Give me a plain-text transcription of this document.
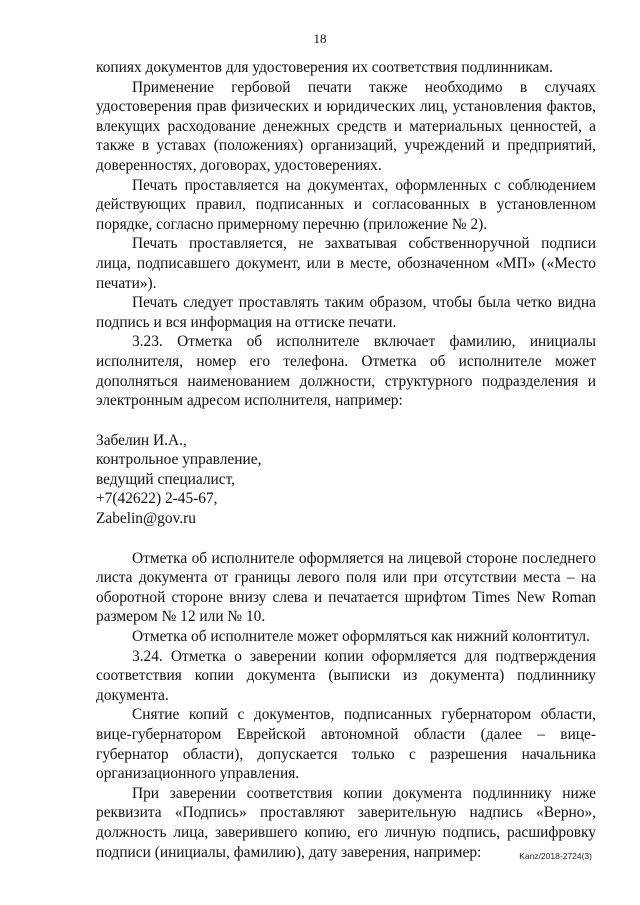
18

копиях документов для удостоверения их соответствия подлинникам.

Применение гербовой печати также необходимо в случаях удостоверения прав физических и юридических лиц, установления фактов, влекущих расходование денежных средств и материальных ценностей, а также в уставах (положениях) организаций, учреждений и предприятий, доверенностях, договорах, удостоверениях.

Печать проставляется на документах, оформленных с соблюдением действующих правил, подписанных и согласованных в установленном порядке, согласно примерному перечню (приложение № 2).

Печать проставляется, не захватывая собственноручной подписи лица, подписавшего документ, или в месте, обозначенном «МП» («Место печати»).

Печать следует проставлять таким образом, чтобы была четко видна подпись и вся информация на оттиске печати.

3.23. Отметка об исполнителе включает фамилию, инициалы исполнителя, номер его телефона. Отметка об исполнителе может дополняться наименованием должности, структурного подразделения и электронным адресом исполнителя, например:

Забелин И.А.,

контрольное управление,

ведущий специалист,

+7(42622) 2-45-67,

Zabelin@gov.ru

Отметка об исполнителе оформляется на лицевой стороне последнего листа документа от границы левого поля или при отсутствии места – на оборотной стороне внизу слева и печатается шрифтом Times New Roman размером № 12 или № 10.

Отметка об исполнителе может оформляться как нижний колонтитул.

3.24. Отметка о заверении копии оформляется для подтверждения соответствия копии документа (выписки из документа) подлиннику документа.

Снятие копий с документов, подписанных губернатором области, вице-губернатором Еврейской автономной области (далее – вице-губернатор области), допускается только с разрешения начальника организационного управления.

При заверении соответствия копии документа подлиннику ниже реквизита «Подпись» проставляют заверительную надпись «Верно», должность лица, заверившего копию, его личную подпись, расшифровку подписи (инициалы, фамилию), дату заверения, например:	Kanz/2018-2724(3)
